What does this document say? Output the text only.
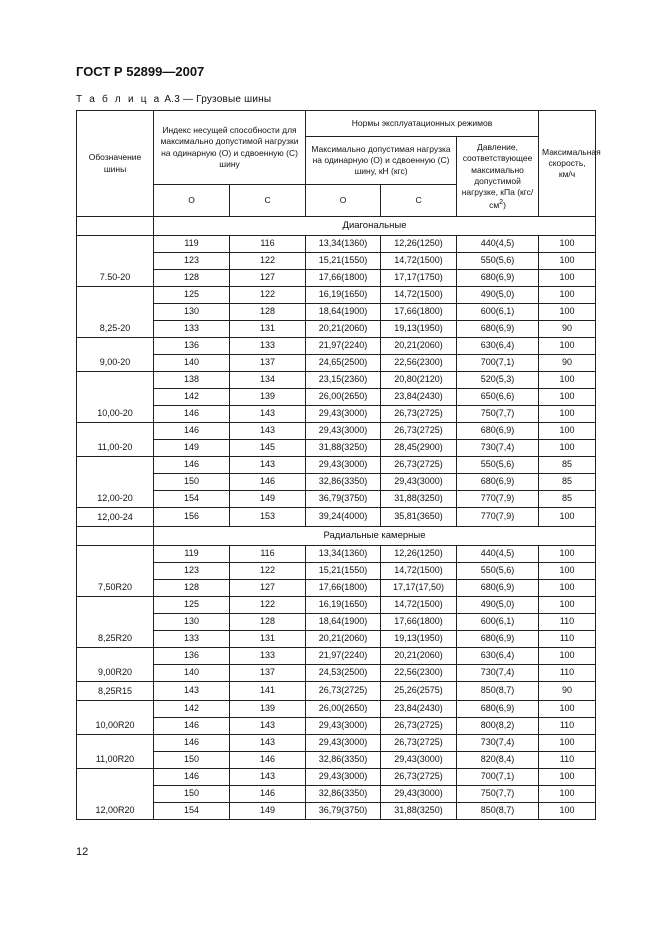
ГОСТ Р 52899—2007
Т а б л и ц а А.3 — Грузовые шины
Обозначение шины	Индекс несущей способности для максимально допустимой нагрузки на одинарную (О) и сдвоенную (С) шину		Нормы эксплуатационных режимов			Максимальная скорость, км/ч
			Максимально допустимая нагрузка на одинарную (О) и сдвоенную (С) шину, кН (кгс)		Давление, соответствующее максимально допустимой нагрузке, кПа $(кгс/см^2)$	
	О	С	О	С		
	Диагональные					
7.50-20	119	116	13,34(1360)	12,26(1250)	440(4,5)	100
	123	122	15,21(1550)	14,72(1500)	550(5,6)	100
	128	127	17,66(1800)	17,17(1750)	680(6,9)	100
8,25-20	125	122	16,19(1650)	14,72(1500)	490(5,0)	100
	130	128	18,64(1900)	17,66(1800)	600(6,1)	100
	133	131	20,21(2060)	19,13(1950)	680(6,9)	90
9,00-20	136	133	21,97(2240)	20,21(2060)	630(6,4)	100
	140	137	24,65(2500)	22,56(2300)	700(7,1)	90
10,00-20	138	134	23,15(2360)	20,80(2120)	520(5,3)	100
	142	139	26,00(2650)	23,84(2430)	650(6,6)	100
	146	143	29,43(3000)	26,73(2725)	750(7,7)	100
11,00-20	146	143	29,43(3000)	26,73(2725)	680(6,9)	100
	149	145	31,88(3250)	28,45(2900)	730(7,4)	100
12,00-20	146	143	29,43(3000)	26,73(2725)	550(5,6)	85
	150	146	32,86(3350)	29,43(3000)	680(6,9)	85
	154	149	36,79(3750)	31,88(3250)	770(7,9)	85
12,00-24	156	153	39,24(4000)	35,81(3650)	770(7,9)	100
	Радиальные камерные					
7,50R20	119	116	13,34(1360)	12,26(1250)	440(4,5)	100
	123	122	15,21(1550)	14,72(1500)	550(5,6)	100
	128	127	17,66(1800)	17,17(17,50)	680(6,9)	100
8,25R20	125	122	16,19(1650)	14,72(1500)	490(5,0)	100
	130	128	18,64(1900)	17,66(1800)	600(6,1)	110
	133	131	20,21(2060)	19,13(1950)	680(6,9)	110
9,00R20	136	133	21,97(2240)	20,21(2060)	630(6,4)	100
	140	137	24,53(2500)	22,56(2300)	730(7,4)	110
8,25R15	143	141	26,73(2725)	25,26(2575)	850(8,7)	90
10,00R20	142	139	26,00(2650)	23,84(2430)	680(6,9)	100
	146	143	29,43(3000)	26,73(2725)	800(8,2)	110
11,00R20	146	143	29,43(3000)	26,73(2725)	730(7,4)	100
	150	146	32,86(3350)	29,43(3000)	820(8,4)	110
12,00R20	146	143	29,43(3000)	26,73(2725)	700(7,1)	100
	150	146	32,86(3350)	29,43(3000)	750(7,7)	100
	154	149	36,79(3750)	31,88(3250)	850(8,7)	100
12
